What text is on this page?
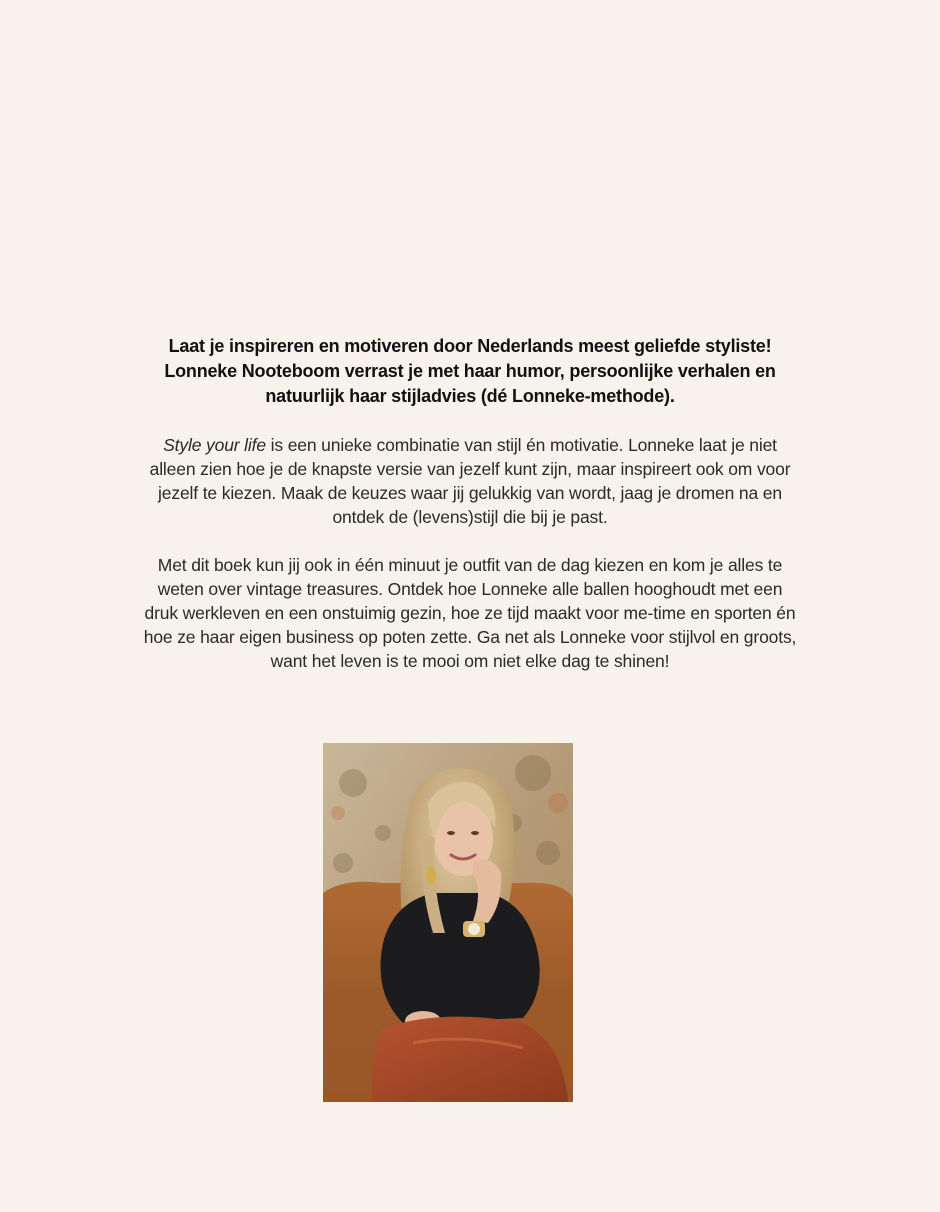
Laat je inspireren en motiveren door Nederlands meest geliefde styliste! Lonneke Nooteboom verrast je met haar humor, persoonlijke verhalen en natuurlijk haar stijladvies (dé Lonneke-methode).

Style your life is een unieke combinatie van stijl én motivatie. Lonneke laat je niet alleen zien hoe je de knapste versie van jezelf kunt zijn, maar inspireert ook om voor jezelf te kiezen. Maak de keuzes waar jij gelukkig van wordt, jaag je dromen na en ontdek de (levens)stijl die bij je past.

Met dit boek kun jij ook in één minuut je outfit van de dag kiezen en kom je alles te weten over vintage treasures. Ontdek hoe Lonneke alle ballen hooghoudt met een druk werkleven en een onstuimig gezin, hoe ze tijd maakt voor me-time en sporten én hoe ze haar eigen business op poten zette. Ga net als Lonneke voor stijlvol en groots, want het leven is te mooi om niet elke dag te shinen!
